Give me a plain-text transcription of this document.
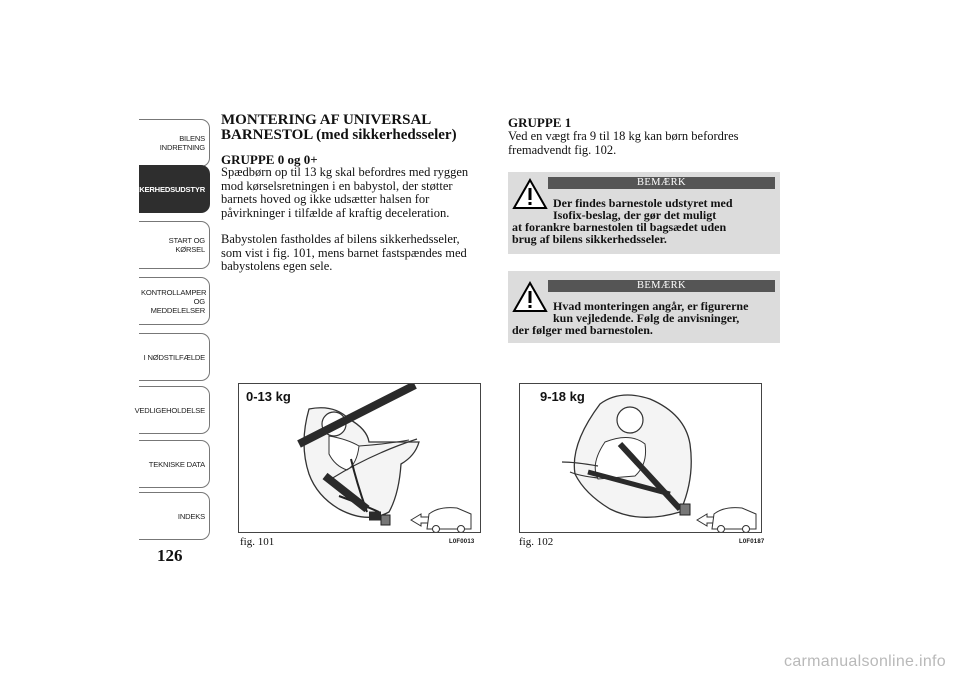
BILENS INDRETNING
SIKKERHEDSUDSTYR
START OG KØRSEL
KONTROLLAMPER OG MEDDELELSER
I NØDSTILFÆLDE
VEDLIGEHOLDELSE
TEKNISKE DATA
INDEKS
126
MONTERING AF UNIVERSAL
BARNESTOL (med sikkerhedsseler)
GRUPPE 0 og 0+
Spædbørn op til 13 kg skal befordres med ryggen
mod kørselsretningen i en babystol, der støtter
barnets hoved og ikke udsætter halsen for
påvirkninger i tilfælde af kraftig deceleration.
Babystolen fastholdes af bilens sikkerhedsseler,
som vist i fig. 101, mens barnet fastspændes med
babystolens egen sele.
GRUPPE 1
Ved en vægt fra 9 til 18 kg kan børn befordres
fremadvendt fig. 102.
BEMÆRK
Der findes barnestole udstyret med
Isofix-beslag, der gør det muligt
at forankre barnestolen til bagsædet uden
brug af bilens sikkerhedsseler.
BEMÆRK
Hvad monteringen angår, er figurerne
kun vejledende. Følg de anvisninger,
der følger med barnestolen.
0-13 kg
fig. 101	L0F0013
9-18 kg
fig. 102	L0F0187
carmanualsonline.info
